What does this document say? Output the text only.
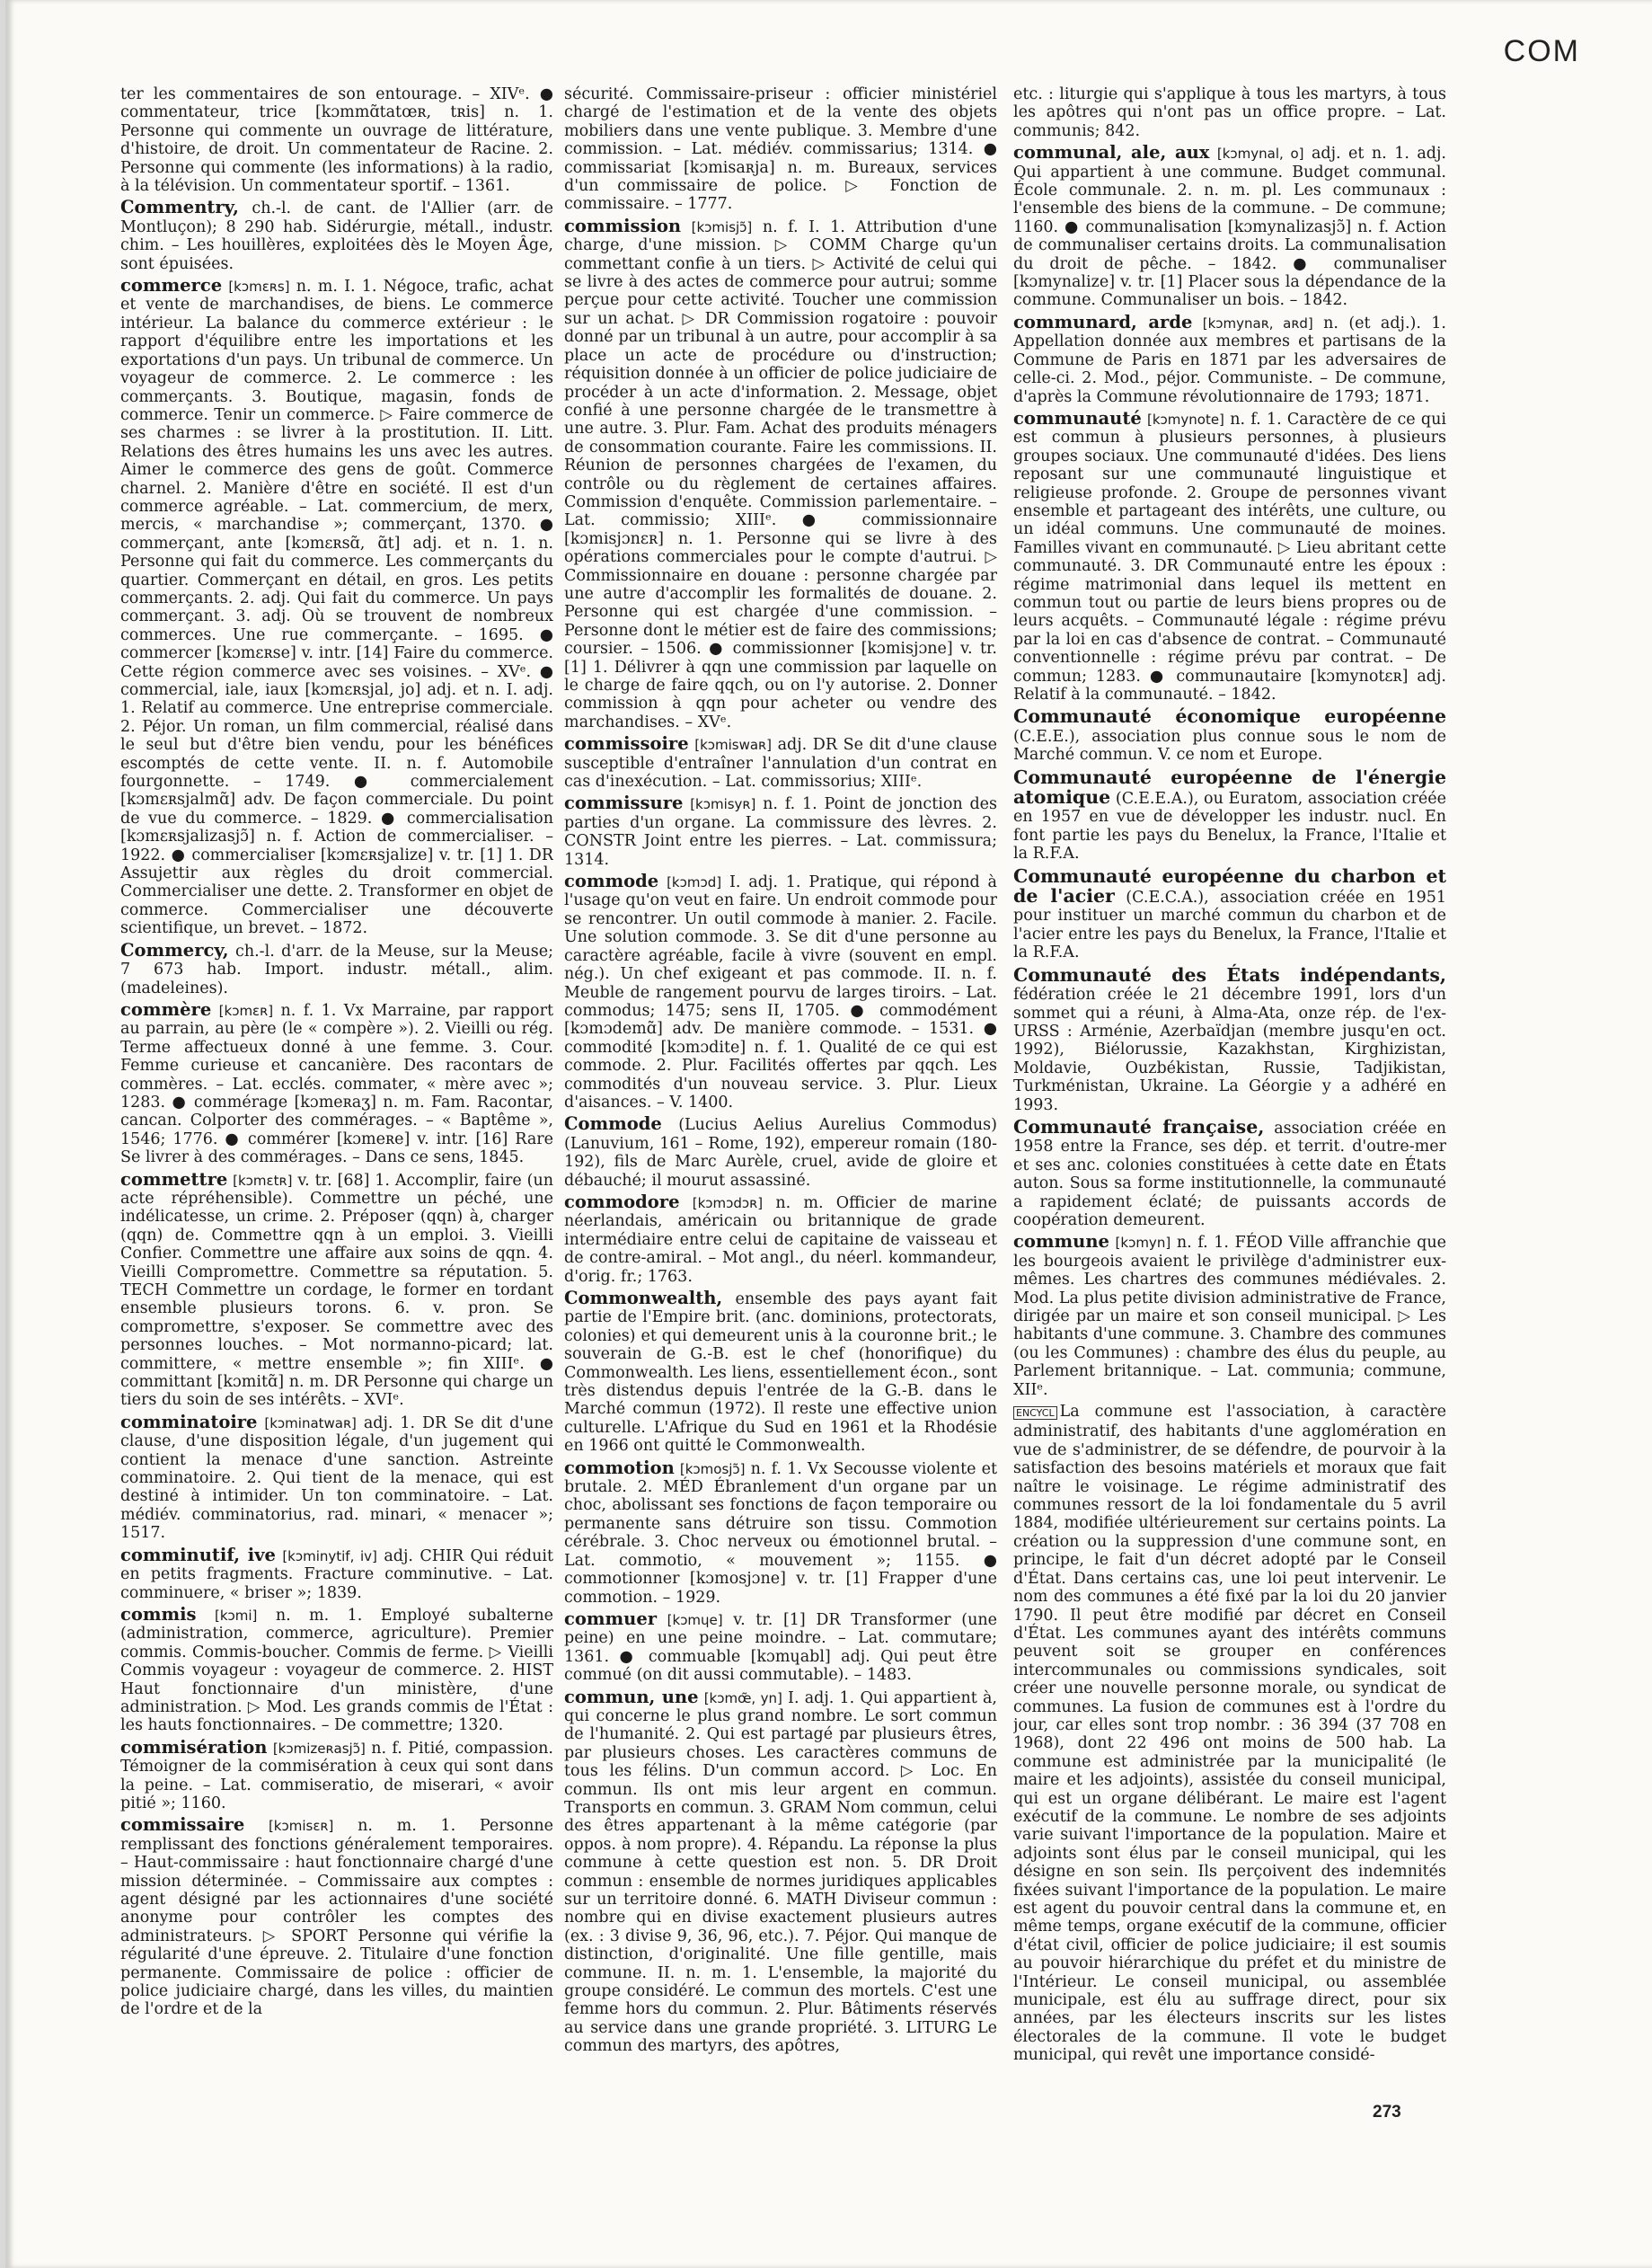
COM

ter les commentaires de son entourage. – XIVᵉ. ● commentateur, trice [kɔmmɑ̃tatœʀ, tʀis] n. 1. Personne qui commente un ouvrage de littérature, d'histoire, de droit. Un commentateur de Racine. 2. Personne qui commente (les informations) à la radio, à la télévision. Un commentateur sportif. – 1361.

Commentry, ch.-l. de cant. de l'Allier (arr. de Montluçon); 8 290 hab. Sidérurgie, métall., industr. chim. – Les houillères, exploitées dès le Moyen Âge, sont épuisées.

commerce [kɔmɛʀs] n. m. I. 1. Négoce, trafic, achat et vente de marchandises, de biens. Le commerce intérieur. La balance du commerce extérieur : le rapport d'équilibre entre les importations et les exportations d'un pays. Un tribunal de commerce. Un voyageur de commerce. 2. Le commerce : les commerçants. 3. Boutique, magasin, fonds de commerce. Tenir un commerce. ▷ Faire commerce de ses charmes : se livrer à la prostitution. II. Litt. Relations des êtres humains les uns avec les autres. Aimer le commerce des gens de goût. Commerce charnel. 2. Manière d'être en société. Il est d'un commerce agréable. – Lat. commercium, de merx, mercis, « marchandise »; commerçant, 1370. ● commerçant, ante [kɔmɛʀsɑ̃, ɑ̃t] adj. et n. 1. n. Personne qui fait du commerce. Les commerçants du quartier. Commerçant en détail, en gros. Les petits commerçants. 2. adj. Qui fait du commerce. Un pays commerçant. 3. adj. Où se trouvent de nombreux commerces. Une rue commerçante. – 1695. ● commercer [kɔmɛʀse] v. intr. [14] Faire du commerce. Cette région commerce avec ses voisines. – XVᵉ. ● commercial, iale, iaux [kɔmɛʀsjal, jo] adj. et n. I. adj. 1. Relatif au commerce. Une entreprise commerciale. 2. Péjor. Un roman, un film commercial, réalisé dans le seul but d'être bien vendu, pour les bénéfices escomptés de cette vente. II. n. f. Automobile fourgonnette. – 1749. ● commercialement [kɔmɛʀsjalmɑ̃] adv. De façon commerciale. Du point de vue du commerce. – 1829. ● commercialisation [kɔmɛʀsjalizasjɔ̃] n. f. Action de commercialiser. – 1922. ● commercialiser [kɔmɛʀsjalize] v. tr. [1] 1. DR Assujettir aux règles du droit commercial. Commercialiser une dette. 2. Transformer en objet de commerce. Commercialiser une découverte scientifique, un brevet. – 1872.

Commercy, ch.-l. d'arr. de la Meuse, sur la Meuse; 7 673 hab. Import. industr. métall., alim. (madeleines).

commère [kɔmɛʀ] n. f. 1. Vx Marraine, par rapport au parrain, au père (le « compère »). 2. Vieilli ou rég. Terme affectueux donné à une femme. 3. Cour. Femme curieuse et cancanière. Des racontars de commères. – Lat. ecclés. commater, « mère avec »; 1283. ● commérage [kɔmeʀaʒ] n. m. Fam. Racontar, cancan. Colporter des commérages. – « Baptême », 1546; 1776. ● commérer [kɔmeʀe] v. intr. [16] Rare Se livrer à des commérages. – Dans ce sens, 1845.

commettre [kɔmɛtʀ] v. tr. [68] 1. Accomplir, faire (un acte répréhensible). Commettre un péché, une indélicatesse, un crime. 2. Préposer (qqn) à, charger (qqn) de. Commettre qqn à un emploi. 3. Vieilli Confier. Commettre une affaire aux soins de qqn. 4. Vieilli Compromettre. Commettre sa réputation. 5. TECH Commettre un cordage, le former en tordant ensemble plusieurs torons. 6. v. pron. Se compromettre, s'exposer. Se commettre avec des personnes louches. – Mot normanno-picard; lat. committere, « mettre ensemble »; fin XIIIᵉ. ● committant [kɔmitɑ̃] n. m. DR Personne qui charge un tiers du soin de ses intérêts. – XVIᵉ.

comminatoire [kɔminatwaʀ] adj. 1. DR Se dit d'une clause, d'une disposition légale, d'un jugement qui contient la menace d'une sanction. Astreinte comminatoire. 2. Qui tient de la menace, qui est destiné à intimider. Un ton comminatoire. – Lat. médiév. comminatorius, rad. minari, « menacer »; 1517.

comminutif, ive [kɔminytif, iv] adj. CHIR Qui réduit en petits fragments. Fracture comminutive. – Lat. comminuere, « briser »; 1839.

commis [kɔmi] n. m. 1. Employé subalterne (administration, commerce, agriculture). Premier commis. Commis-boucher. Commis de ferme. ▷ Vieilli Commis voyageur : voyageur de commerce. 2. HIST Haut fonctionnaire d'un ministère, d'une administration. ▷ Mod. Les grands commis de l'État : les hauts fonctionnaires. – De commettre; 1320.

commisération [kɔmizeʀasjɔ̃] n. f. Pitié, compassion. Témoigner de la commisération à ceux qui sont dans la peine. – Lat. commiseratio, de miserari, « avoir pitié »; 1160.

commissaire [kɔmisɛʀ] n. m. 1. Personne remplissant des fonctions généralement temporaires. – Haut-commissaire : haut fonctionnaire chargé d'une mission déterminée. – Commissaire aux comptes : agent désigné par les actionnaires d'une société anonyme pour contrôler les comptes des administrateurs. ▷ SPORT Personne qui vérifie la régularité d'une épreuve. 2. Titulaire d'une fonction permanente. Commissaire de police : officier de police judiciaire chargé, dans les villes, du maintien de l'ordre et de la

sécurité. Commissaire-priseur : officier ministériel chargé de l'estimation et de la vente des objets mobiliers dans une vente publique. 3. Membre d'une commission. – Lat. médiév. commissarius; 1314. ● commissariat [kɔmisaʀja] n. m. Bureaux, services d'un commissaire de police. ▷ Fonction de commissaire. – 1777.

commission [kɔmisjɔ̃] n. f. I. 1. Attribution d'une charge, d'une mission. ▷ COMM Charge qu'un commettant confie à un tiers. ▷ Activité de celui qui se livre à des actes de commerce pour autrui; somme perçue pour cette activité. Toucher une commission sur un achat. ▷ DR Commission rogatoire : pouvoir donné par un tribunal à un autre, pour accomplir à sa place un acte de procédure ou d'instruction; réquisition donnée à un officier de police judiciaire de procéder à un acte d'information. 2. Message, objet confié à une personne chargée de le transmettre à une autre. 3. Plur. Fam. Achat des produits ménagers de consommation courante. Faire les commissions. II. Réunion de personnes chargées de l'examen, du contrôle ou du règlement de certaines affaires. Commission d'enquête. Commission parlementaire. – Lat. commissio; XIIIᵉ. ● commissionnaire [kɔmisjɔnɛʀ] n. 1. Personne qui se livre à des opérations commerciales pour le compte d'autrui. ▷ Commissionnaire en douane : personne chargée par une autre d'accomplir les formalités de douane. 2. Personne qui est chargée d'une commission. – Personne dont le métier est de faire des commissions; coursier. – 1506. ● commissionner [kɔmisjɔne] v. tr. [1] 1. Délivrer à qqn une commission par laquelle on le charge de faire qqch, ou on l'y autorise. 2. Donner commission à qqn pour acheter ou vendre des marchandises. – XVᵉ.

commissoire [kɔmiswaʀ] adj. DR Se dit d'une clause susceptible d'entraîner l'annulation d'un contrat en cas d'inexécution. – Lat. commissorius; XIIIᵉ.

commissure [kɔmisyʀ] n. f. 1. Point de jonction des parties d'un organe. La commissure des lèvres. 2. CONSTR Joint entre les pierres. – Lat. commissura; 1314.

commode [kɔmɔd] I. adj. 1. Pratique, qui répond à l'usage qu'on veut en faire. Un endroit commode pour se rencontrer. Un outil commode à manier. 2. Facile. Une solution commode. 3. Se dit d'une personne au caractère agréable, facile à vivre (souvent en empl. nég.). Un chef exigeant et pas commode. II. n. f. Meuble de rangement pourvu de larges tiroirs. – Lat. commodus; 1475; sens II, 1705. ● commodément [kɔmɔdemɑ̃] adv. De manière commode. – 1531. ● commodité [kɔmɔdite] n. f. 1. Qualité de ce qui est commode. 2. Plur. Facilités offertes par qqch. Les commodités d'un nouveau service. 3. Plur. Lieux d'aisances. – V. 1400.

Commode (Lucius Aelius Aurelius Commodus) (Lanuvium, 161 – Rome, 192), empereur romain (180-192), fils de Marc Aurèle, cruel, avide de gloire et débauché; il mourut assassiné.

commodore [kɔmɔdɔʀ] n. m. Officier de marine néerlandais, américain ou britannique de grade intermédiaire entre celui de capitaine de vaisseau et de contre-amiral. – Mot angl., du néerl. kommandeur, d'orig. fr.; 1763.

Commonwealth, ensemble des pays ayant fait partie de l'Empire brit. (anc. dominions, protectorats, colonies) et qui demeurent unis à la couronne brit.; le souverain de G.-B. est le chef (honorifique) du Commonwealth. Les liens, essentiellement écon., sont très distendus depuis l'entrée de la G.-B. dans le Marché commun (1972). Il reste une effective union culturelle. L'Afrique du Sud en 1961 et la Rhodésie en 1966 ont quitté le Commonwealth.

commotion [kɔmosjɔ̃] n. f. 1. Vx Secousse violente et brutale. 2. MÉD Ébranlement d'un organe par un choc, abolissant ses fonctions de façon temporaire ou permanente sans détruire son tissu. Commotion cérébrale. 3. Choc nerveux ou émotionnel brutal. – Lat. commotio, « mouvement »; 1155. ● commotionner [kɔmosjɔne] v. tr. [1] Frapper d'une commotion. – 1929.

commuer [kɔmɥe] v. tr. [1] DR Transformer (une peine) en une peine moindre. – Lat. commutare; 1361. ● commuable [kɔmɥabl] adj. Qui peut être commué (on dit aussi commutable). – 1483.

commun, une [kɔmœ̃, yn] I. adj. 1. Qui appartient à, qui concerne le plus grand nombre. Le sort commun de l'humanité. 2. Qui est partagé par plusieurs êtres, par plusieurs choses. Les caractères communs de tous les félins. D'un commun accord. ▷ Loc. En commun. Ils ont mis leur argent en commun. Transports en commun. 3. GRAM Nom commun, celui des êtres appartenant à la même catégorie (par oppos. à nom propre). 4. Répandu. La réponse la plus commune à cette question est non. 5. DR Droit commun : ensemble de normes juridiques applicables sur un territoire donné. 6. MATH Diviseur commun : nombre qui en divise exactement plusieurs autres (ex. : 3 divise 9, 36, 96, etc.). 7. Péjor. Qui manque de distinction, d'originalité. Une fille gentille, mais commune. II. n. m. 1. L'ensemble, la majorité du groupe considéré. Le commun des mortels. C'est une femme hors du commun. 2. Plur. Bâtiments réservés au service dans une grande propriété. 3. LITURG Le commun des martyrs, des apôtres,

etc. : liturgie qui s'applique à tous les martyrs, à tous les apôtres qui n'ont pas un office propre. – Lat. communis; 842.

communal, ale, aux [kɔmynal, o] adj. et n. 1. adj. Qui appartient à une commune. Budget communal. École communale. 2. n. m. pl. Les communaux : l'ensemble des biens de la commune. – De commune; 1160. ● communalisation [kɔmynalizasjɔ̃] n. f. Action de communaliser certains droits. La communalisation du droit de pêche. – 1842. ● communaliser [kɔmynalize] v. tr. [1] Placer sous la dépendance de la commune. Communaliser un bois. – 1842.

communard, arde [kɔmynaʀ, aʀd] n. (et adj.). 1. Appellation donnée aux membres et partisans de la Commune de Paris en 1871 par les adversaires de celle-ci. 2. Mod., péjor. Communiste. – De commune, d'après la Commune révolutionnaire de 1793; 1871.

communauté [kɔmynote] n. f. 1. Caractère de ce qui est commun à plusieurs personnes, à plusieurs groupes sociaux. Une communauté d'idées. Des liens reposant sur une communauté linguistique et religieuse profonde. 2. Groupe de personnes vivant ensemble et partageant des intérêts, une culture, ou un idéal communs. Une communauté de moines. Familles vivant en communauté. ▷ Lieu abritant cette communauté. 3. DR Communauté entre les époux : régime matrimonial dans lequel ils mettent en commun tout ou partie de leurs biens propres ou de leurs acquêts. – Communauté légale : régime prévu par la loi en cas d'absence de contrat. – Communauté conventionnelle : régime prévu par contrat. – De commun; 1283. ● communautaire [kɔmynotɛʀ] adj. Relatif à la communauté. – 1842.

Communauté économique européenne (C.E.E.), association plus connue sous le nom de Marché commun. V. ce nom et Europe.

Communauté européenne de l'énergie atomique (C.E.E.A.), ou Euratom, association créée en 1957 en vue de développer les industr. nucl. En font partie les pays du Benelux, la France, l'Italie et la R.F.A.

Communauté européenne du charbon et de l'acier (C.E.C.A.), association créée en 1951 pour instituer un marché commun du charbon et de l'acier entre les pays du Benelux, la France, l'Italie et la R.F.A.

Communauté des États indépendants, fédération créée le 21 décembre 1991, lors d'un sommet qui a réuni, à Alma-Ata, onze rép. de l'ex-URSS : Arménie, Azerbaïdjan (membre jusqu'en oct. 1992), Biélorussie, Kazakhstan, Kirghizistan, Moldavie, Ouzbékistan, Russie, Tadjikistan, Turkménistan, Ukraine. La Géorgie y a adhéré en 1993.

Communauté française, association créée en 1958 entre la France, ses dép. et territ. d'outre-mer et ses anc. colonies constituées à cette date en États auton. Sous sa forme institutionnelle, la communauté a rapidement éclaté; de puissants accords de coopération demeurent.

commune [kɔmyn] n. f. 1. FÉOD Ville affranchie que les bourgeois avaient le privilège d'administrer eux-mêmes. Les chartres des communes médiévales. 2. Mod. La plus petite division administrative de France, dirigée par un maire et son conseil municipal. ▷ Les habitants d'une commune. 3. Chambre des communes (ou les Communes) : chambre des élus du peuple, au Parlement britannique. – Lat. communia; commune, XIIᵉ.

ENCYCL La commune est l'association, à caractère administratif, des habitants d'une agglomération en vue de s'administrer, de se défendre, de pourvoir à la satisfaction des besoins matériels et moraux que fait naître le voisinage. Le régime administratif des communes ressort de la loi fondamentale du 5 avril 1884, modifiée ultérieurement sur certains points. La création ou la suppression d'une commune sont, en principe, le fait d'un décret adopté par le Conseil d'État. Dans certains cas, une loi peut intervenir. Le nom des communes a été fixé par la loi du 20 janvier 1790. Il peut être modifié par décret en Conseil d'État. Les communes ayant des intérêts communs peuvent soit se grouper en conférences intercommunales ou commissions syndicales, soit créer une nouvelle personne morale, ou syndicat de communes. La fusion de communes est à l'ordre du jour, car elles sont trop nombr. : 36 394 (37 708 en 1968), dont 22 496 ont moins de 500 hab. La commune est administrée par la municipalité (le maire et les adjoints), assistée du conseil municipal, qui est un organe délibérant. Le maire est l'agent exécutif de la commune. Le nombre de ses adjoints varie suivant l'importance de la population. Maire et adjoints sont élus par le conseil municipal, qui les désigne en son sein. Ils perçoivent des indemnités fixées suivant l'importance de la population. Le maire est agent du pouvoir central dans la commune et, en même temps, organe exécutif de la commune, officier d'état civil, officier de police judiciaire; il est soumis au pouvoir hiérarchique du préfet et du ministre de l'Intérieur. Le conseil municipal, ou assemblée municipale, est élu au suffrage direct, pour six années, par les électeurs inscrits sur les listes électorales de la commune. Il vote le budget municipal, qui revêt une importance considé-

273
